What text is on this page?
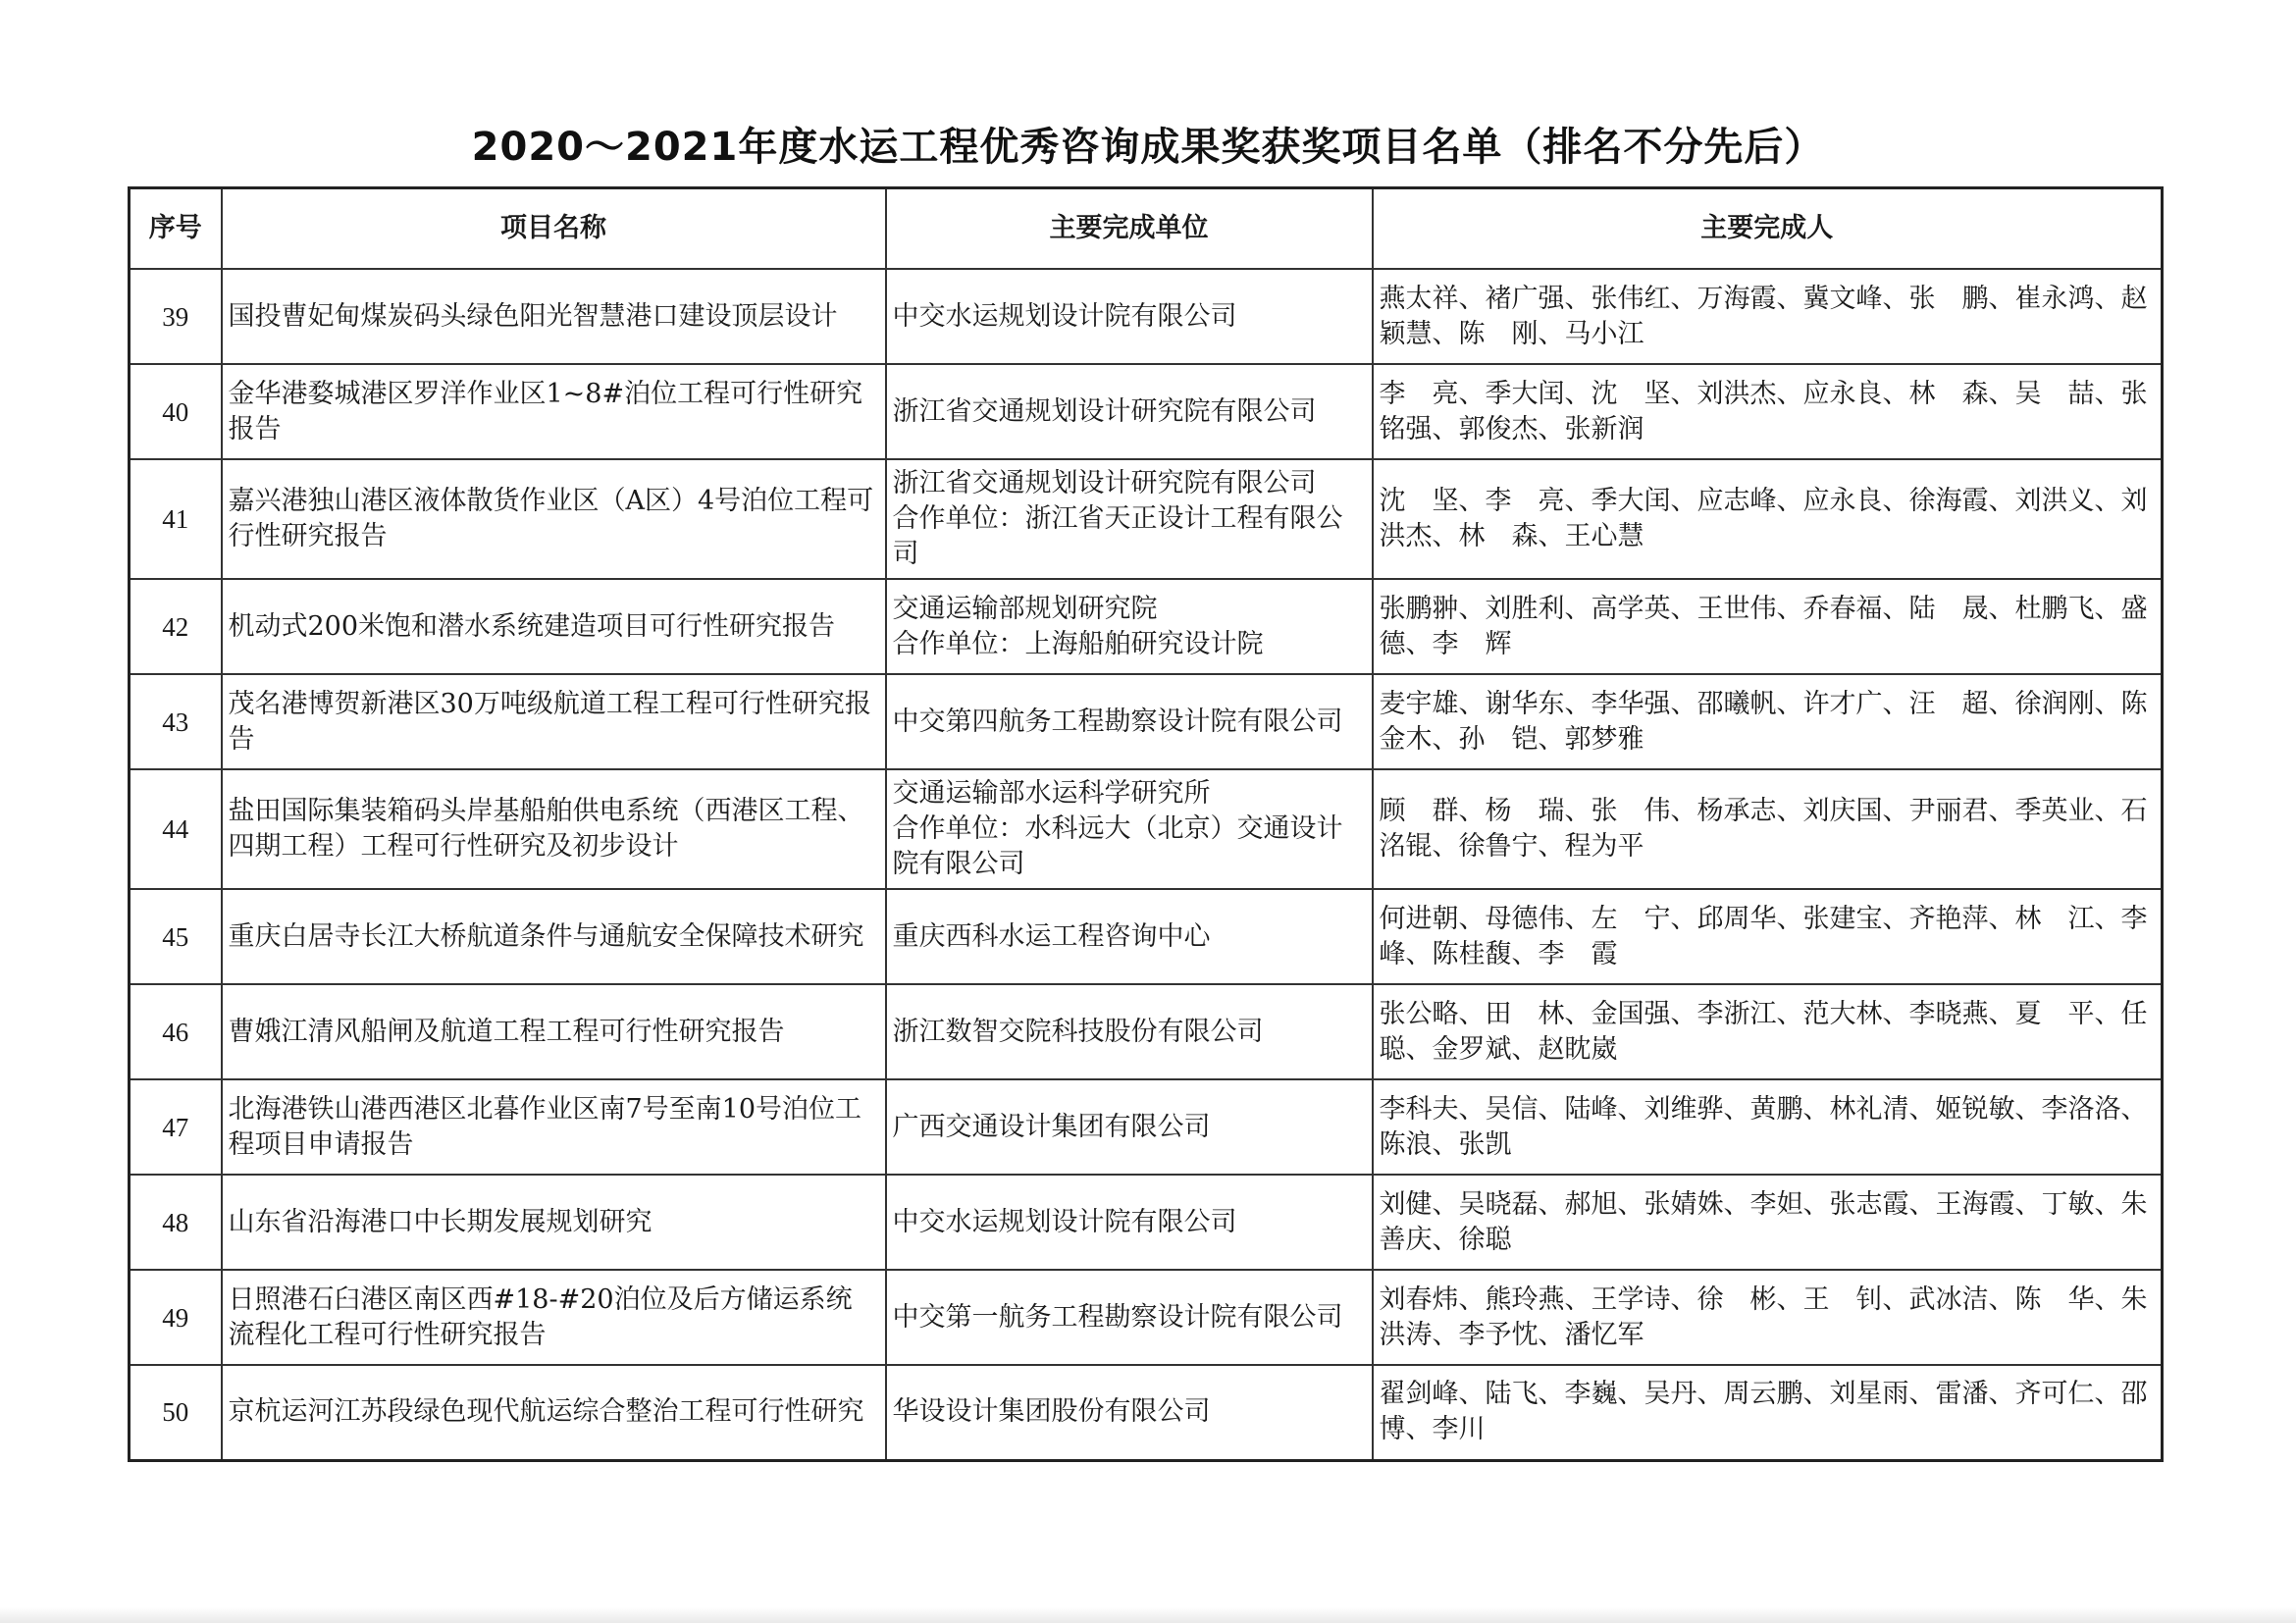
2020～2021年度水运工程优秀咨询成果奖获奖项目名单（排名不分先后）
序号	项目名称	主要完成单位	主要完成人
39	国投曹妃甸煤炭码头绿色阳光智慧港口建设顶层设计	中交水运规划设计院有限公司	燕太祥、褚广强、张伟红、万海霞、冀文峰、张　鹏、崔永鸿、赵颖慧、陈　刚、马小江
40	金华港婺城港区罗洋作业区1~8#泊位工程可行性研究报告	浙江省交通规划设计研究院有限公司	李　亮、季大闰、沈　坚、刘洪杰、应永良、林　森、吴　喆、张铭强、郭俊杰、张新润
41	嘉兴港独山港区液体散货作业区（A区）4号泊位工程可行性研究报告	浙江省交通规划设计研究院有限公司
合作单位：浙江省天正设计工程有限公司	沈　坚、李　亮、季大闰、应志峰、应永良、徐海霞、刘洪义、刘洪杰、林　森、王心慧
42	机动式200米饱和潜水系统建造项目可行性研究报告	交通运输部规划研究院
合作单位：上海船舶研究设计院	张鹏翀、刘胜利、高学英、王世伟、乔春福、陆　晟、杜鹏飞、盛德、李　辉
43	茂名港博贺新港区30万吨级航道工程工程可行性研究报告	中交第四航务工程勘察设计院有限公司	麦宇雄、谢华东、李华强、邵曦帆、许才广、汪　超、徐润刚、陈金木、孙　铠、郭梦雅
44	盐田国际集装箱码头岸基船舶供电系统（西港区工程、四期工程）工程可行性研究及初步设计	交通运输部水运科学研究所
合作单位：水科远大（北京）交通设计院有限公司	顾　群、杨　瑞、张　伟、杨承志、刘庆国、尹丽君、季英业、石洺锟、徐鲁宁、程为平
45	重庆白居寺长江大桥航道条件与通航安全保障技术研究	重庆西科水运工程咨询中心	何进朝、母德伟、左　宁、邱周华、张建宝、齐艳萍、林　江、李峰、陈桂馥、李　霞
46	曹娥江清风船闸及航道工程工程可行性研究报告	浙江数智交院科技股份有限公司	张公略、田　林、金国强、李浙江、范大林、李晓燕、夏　平、任聪、金罗斌、赵眈崴
47	北海港铁山港西港区北暮作业区南7号至南10号泊位工程项目申请报告	广西交通设计集团有限公司	李科夫、吴信、陆峰、刘维骅、黄鹏、林礼清、姬锐敏、李洛洛、陈浪、张凯
48	山东省沿海港口中长期发展规划研究	中交水运规划设计院有限公司	刘健、吴晓磊、郝旭、张婧姝、李妲、张志霞、王海霞、丁敏、朱善庆、徐聪
49	日照港石臼港区南区西#18-#20泊位及后方储运系统流程化工程可行性研究报告	中交第一航务工程勘察设计院有限公司	刘春炜、熊玲燕、王学诗、徐　彬、王　钊、武冰洁、陈　华、朱洪涛、李予忱、潘忆军
50	京杭运河江苏段绿色现代航运综合整治工程可行性研究	华设设计集团股份有限公司	翟剑峰、陆飞、李巍、吴丹、周云鹏、刘星雨、雷潘、齐可仁、邵博、李川
